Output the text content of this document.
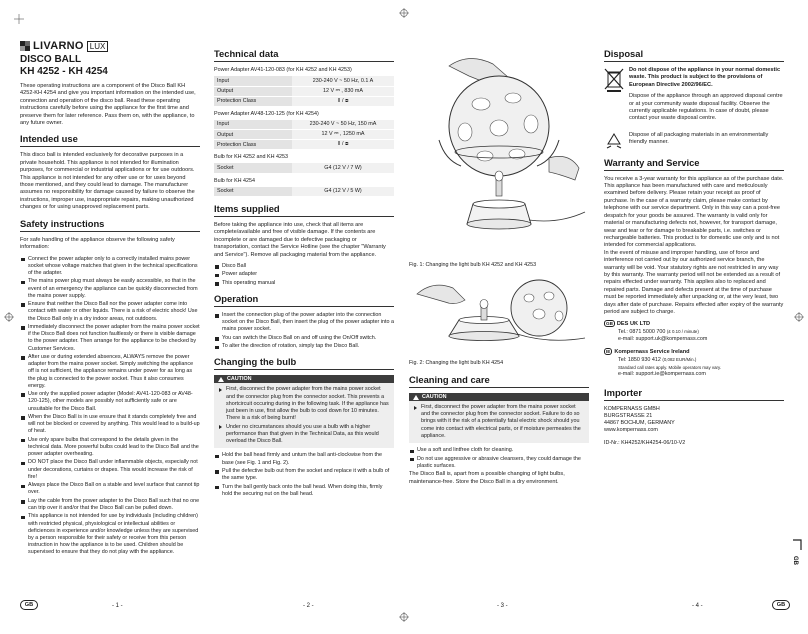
LIVARNO LUX
DISCO BALL
KH 4252 - KH 4254

These operating instructions are a component of the Disco Ball KH 4252-KH 4254 and give you important information on the intended use, connection and operation of the disco ball. Read these operating instructions carefully before using the appliance for the first time and preserve them for later reference. Pass them on, with the appliance, to any future owner.

Intended use

This disco ball is intended exclusively for decorative purposes in a private household. This appliance is not intended for illumination purposes, for commercial or industrial applications or for use outdoors. This appliance is not intended for any other use or for uses beyond those mentioned, and they could lead to damage. The manufacturer assumes no responsibility for damage caused by failure to observe the instructions, improper use, inappropriate repairs, making unauthorized changes or for using unapproved replacement parts.

Safety instructions

For safe handling of the appliance observe the following safety information:

Connect the power adapter only to a correctly installed mains power socket whose voltage matches that given in the technical specifications of the adapter.
The mains power plug must always be easily accessible, so that in the event of an emergency the appliance can be quickly disconnected from the mains power supply.
Ensure that neither the Disco Ball nor the power adapter come into contact with water or other liquids. There is a risk of electric shock! Use the Disco Ball only in a dry indoor areas, not outdoors.
Immediately disconnect the power adapter from the mains power socket if the Disco Ball does not function faultlessly or there is visible damage to the power adapter. Then arrange for the appliance to be checked by Customer Services.
After use or during extended absences, ALWAYS remove the power adapter from the mains power socket. Simply switching the appliance off is not sufficient, the appliance remains under power for as long as the plug is connected to the power socket. Thus it also consumes energy.
Use only the supplied power adapter (Model: AV41-120-083 or AV48-120-125), other models are possibly not sufficiently safe or are unsuitable for the Disco Ball.
When the Disco Ball is in use ensure that it stands completely free and will not be blocked or covered by anything. This would lead to a build-up of heat.
Use only spare bulbs that correspond to the details given in the technical data. More powerful bulbs could lead to the Disco Ball and the power adapter overheating.
DO NOT place the Disco Ball under inflammable objects, especially not under decorations, curtains or drapes. This would increase the risk of fire!
Always place the Disco Ball on a stable and level surface that cannot tip over.
Lay the cable from the power adapter to the Disco Ball such that no one can trip over it and/or that the Disco Ball can be pulled down.
This appliance is not intended for use by individuals (including children) with restricted physical, physiological or intellectual abilities or deficiences in experience and/or knowledge unless they are supervised by a person responsible for their safety or receive from this person instruction in how the appliance is to be used. Children should be supervised to ensure that they do not play with the appliance.
Technical data
Power Adapter AV41-120-083 (for KH 4252 and KH 4253)
Input	230-240 V ~ 50 Hz, 0.1 A
Output	12 V ⎓ , 830 mA
Protection Class	II / ⧈
Power Adapter AV48-120-125 (for KH 4254)
Input	230-240 V ~ 50 Hz, 150 mA
Output	12 V ⎓ , 1250 mA
Protection Class	II / ⧈
Bulb for KH 4252 and KH 4253
Socket	G4 (12 V / 7 W)
Bulb for KH 4254
Socket	G4 (12 V / 5 W)
Items supplied

Before taking the appliance into use, check that all items are complete/available and free of visible damage. If the contents are incomplete or are damaged due to defective packaging or transportation, contact the Service Hotline (see the chapter "Warranty and Service"). Remove all packaging material from the appliance.

Disco Ball
Power adapter
This operating manual
Operation
Insert the connection plug of the power adapter into the connection socket on the Disco Ball, then insert the plug of the power adapter into a mains power socket.
You can switch the Disco Ball on and off using the On/Off switch.
To alter the direction of rotation, simply tap the Disco Ball.
Changing the bulb
CAUTION
First, disconnect the power adapter from the mains power socket and the connector plug from the connector socket. This prevents a shortcircuit occuring during in the following task. If the appliance has just been in use, first allow the bulb to cool down for 10 minutes. There is a risk of being burnt!
Under no circumstances should you use a bulb with a higher performance than that given in the Technical Data, as this would overload the Disco Ball.
Hold the ball head firmly and untum the ball anti-clockwise from the base (see Fig. 1 and Fig. 2).
Pull the defective bulb out from the socket and replace it with a bulb of the same type.
Turn the ball gently back onto the ball head. When doing this, firmly hold the securing nut on the ball head.
Fig. 1: Changing the light bulb KH 4252 and KH 4253
Fig. 2: Changing the light bulb KH 4254
Cleaning and care
CAUTION
First, disconnect the power adapter from the mains power socket and the connector plug from the connector socket. Failure to do so brings with it the risk of a potentially fatal electric shock should you come into contact with electrical parts, or if moisture permeates the appliance.
Use a soft and lintfree cloth for cleaning.
Do not use aggressive or abrasive cleansers, they could damage the plastic surfaces.

The Disco Ball is, apart from a possible changing of light bulbs, maintenance-free. Store the Disco Ball in a dry environment.

Disposal

Do not dispose of the appliance in your normal domestic waste. This product is subject to the provisions of European Directive 2002/96/EC.

Dispose of the appliance through an approved disposal centre or at your community waste disposal facility. Observe the currently applicable regulations. In case of doubt, please contact your waste disposal centre.

Dispose of all packaging materials in an environmentally friendly manner.

Warranty and Service

You receive a 3-year warranty for this appliance as of the purchase date. This appliance has been manufactured with care and meticulously examined before delivery. Please retain your receipt as proof of purchase. In the case of a warranty claim, please make contact by telephone with our service department. Only in this way can a post-free despatch for your goods be assured. The warranty is valid only for material or manufacturing defects not, however, for transport damage, wear and tear or for damage to breakable parts, i.e. switches or rechargeable batteries. This product is for domestic use only and is not intended for commercial applications.

In the event of misuse and improper handling, use of force and interference not carried out by our authorized service branch, the warranty will be void. Your statutory rights are not restricted in any way by this warranty. The warranty period will not be extended as a result of repairs effected under warranty. This applies also to replaced and repaired parts. Damage and defects present at the time of purchase must be reported immediately after unpacking or, at the very least, two days after date of purchase. Repairs effected after expiry of the warranty period are subject to charge.

GB DES UK LTD
Tel.: 0871 5000 700 (£ 0.10 / minute)
e-mail: support.uk@kompernass.com
IE Kompernass Service Ireland
Tel: 1850 930 412 (0,082 EUR/Min.)
Standard call rates apply. Mobile operators may vary.
e-mail: support.ie@kompernass.com
Importer
KOMPERNASS GMBH
BURGSTRASSE 21
44867 BOCHUM, GERMANY
www.kompernass.com
ID-Nr.: KH4252/KH4254-06/10-V2
GB
GB	- 1 -	- 2 -	- 3 -	- 4 -	GB
